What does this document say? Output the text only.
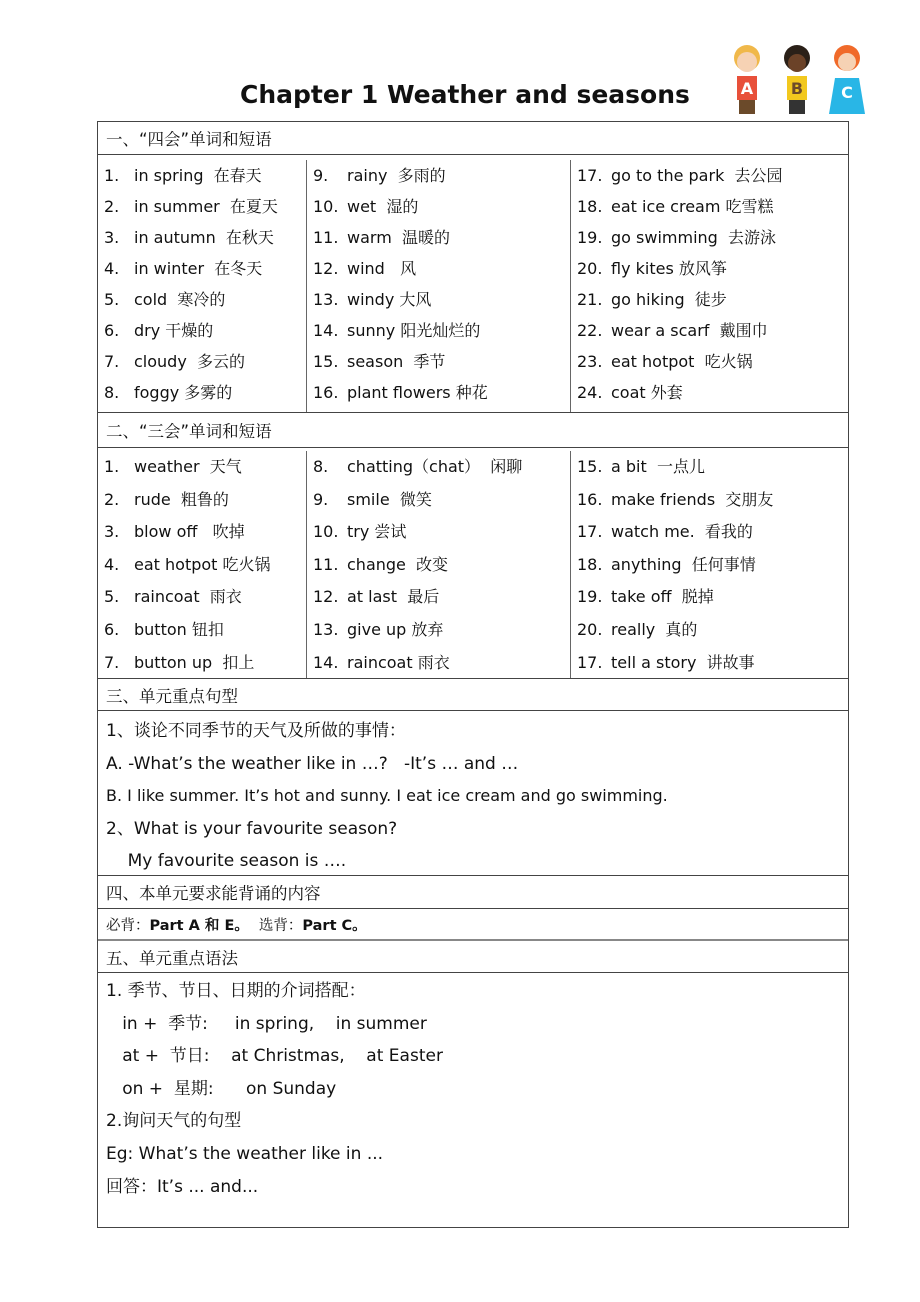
Chapter 1 Weather and seasons	A B C
一、“四会”单词和短语
1. in spring  在春天
2. in summer  在夏天
3. in autumn  在秋天
4. in winter  在冬天
5. cold  寒冷的
6. dry 干燥的
7. cloudy  多云的
8. foggy 多雾的
9. rainy  多雨的
10. wet  湿的
11. warm  温暖的
12. wind   风
13. windy 大风
14. sunny 阳光灿烂的
15. season  季节
16. plant flowers 种花
17. go to the park  去公园
18. eat ice cream 吃雪糕
19. go swimming  去游泳
20. fly kites 放风筝
21. go hiking  徒步
22. wear a scarf  戴围巾
23. eat hotpot  吃火锅
24. coat 外套
二、“三会”单词和短语
1. weather  天气
2. rude  粗鲁的
3. blow off   吹掉
4. eat hotpot 吃火锅
5. raincoat  雨衣
6. button 钮扣
7. button up  扣上
8. chatting（chat）  闲聊
9. smile  微笑
10. try 尝试
11. change  改变
12. at last  最后
13. give up 放弃
14. raincoat 雨衣
15. a bit  一点儿
16. make friends  交朋友
17. watch me.  看我的
18. anything  任何事情
19. take off  脱掉
20. really  真的
17. tell a story  讲故事
三、单元重点句型
1、谈论不同季节的天气及所做的事情：
A. -What’s the weather like in …?   -It’s … and …
B. I like summer. It’s hot and sunny. I eat ice cream and go swimming.
2、What is your favourite season?
My favourite season is ….
四、本单元要求能背诵的内容
必背： Part A 和 E。 选背： Part C。
五、单元重点语法
1. 季节、节日、日期的介词搭配：
in +  季节:     in spring,    in summer
at +  节日:    at Christmas,    at Easter
on +  星期:      on Sunday
2.询问天气的句型
Eg: What’s the weather like in ...
回答：It’s ... and...
